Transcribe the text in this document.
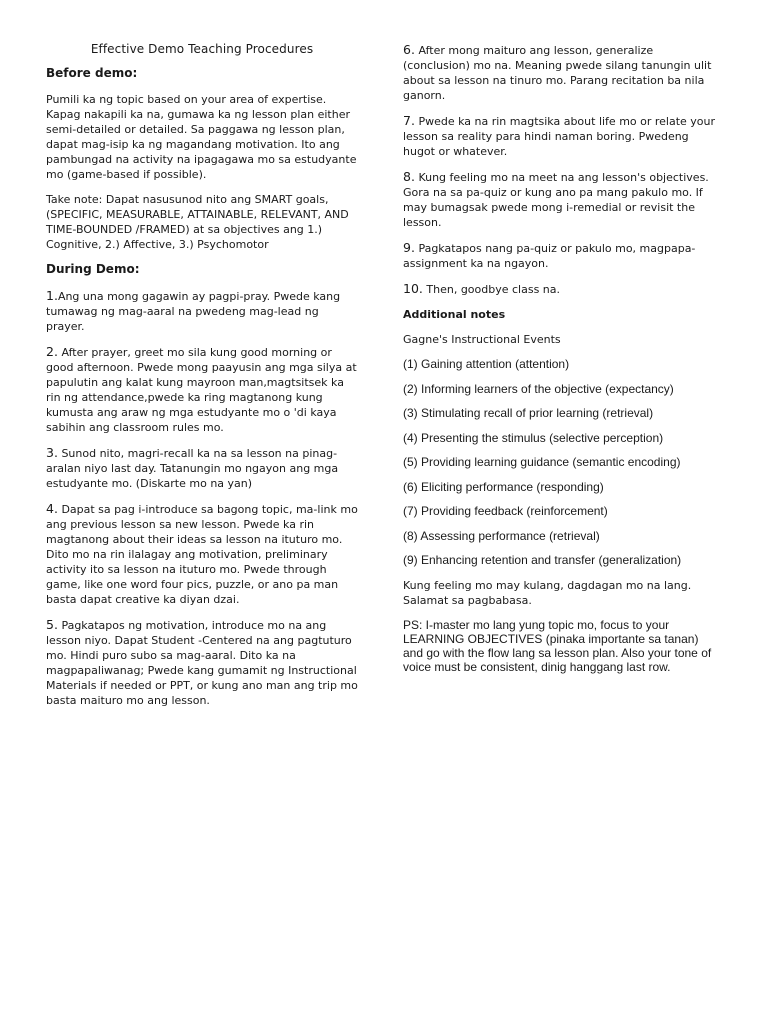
Effective Demo Teaching Procedures
Before demo:

Pumili ka ng topic based on your area of expertise. Kapag nakapili ka na, gumawa ka ng lesson plan either semi-detailed or detailed. Sa paggawa ng lesson plan, dapat mag-isip ka ng magandang motivation. Ito ang pambungad na activity na ipagagawa mo sa estudyante mo (game-based if possible).

Take note: Dapat nasusunod nito ang SMART goals, (SPECIFIC, MEASURABLE, ATTAINABLE, RELEVANT, AND TIME-BOUNDED /FRAMED) at sa objectives ang 1.) Cognitive, 2.) Affective, 3.) Psychomotor

During Demo:

1.Ang una mong gagawin ay pagpi-pray. Pwede kang tumawag ng mag-aaral na pwedeng mag-lead ng prayer.

2. After prayer, greet mo sila kung good morning or good afternoon. Pwede mong paayusin ang mga silya at papulutin ang kalat kung mayroon man,magtsitsek ka rin ng attendance,pwede ka ring magtanong kung kumusta ang araw ng mga estudyante mo o 'di kaya sabihin ang classroom rules mo.

3. Sunod nito, magri-recall ka na sa lesson na pinag-aralan niyo last day. Tatanungin mo ngayon ang mga estudyante mo. (Diskarte mo na yan)

4. Dapat sa pag i-introduce sa bagong topic, ma-link mo ang previous lesson sa new lesson. Pwede ka rin magtanong about their ideas sa lesson na ituturo mo. Dito mo na rin ilalagay ang motivation, preliminary activity ito sa lesson na ituturo mo. Pwede through game, like one word four pics, puzzle, or ano pa man basta dapat creative ka diyan dzai.

5. Pagkatapos ng motivation, introduce mo na ang lesson niyo. Dapat Student -Centered na ang pagtuturo mo. Hindi puro subo sa mag-aaral. Dito ka na magpapaliwanag; Pwede kang gumamit ng Instructional Materials if needed or PPT, or kung ano man ang trip mo basta maituro mo ang lesson.

6. After mong maituro ang lesson, generalize (conclusion) mo na. Meaning pwede silang tanungin ulit about sa lesson na tinuro mo. Parang recitation ba nila ganorn.

7. Pwede ka na rin magtsika about life mo or relate your lesson sa reality para hindi naman boring. Pwedeng hugot or whatever.

8. Kung feeling mo na meet na ang lesson's objectives. Gora na sa pa-quiz or kung ano pa mang pakulo mo. If may bumagsak pwede mong i-remedial or revisit the lesson.

9. Pagkatapos nang pa-quiz or pakulo mo, magpapa-assignment ka na ngayon.

10. Then, goodbye class na.

Additional notes

Gagne's Instructional Events

(1) Gaining attention (attention)

(2) Informing learners of the objective (expectancy)

(3) Stimulating recall of prior learning (retrieval)

(4) Presenting the stimulus (selective perception)

(5) Providing learning guidance (semantic encoding)

(6) Eliciting performance (responding)

(7) Providing feedback (reinforcement)

(8) Assessing performance (retrieval)

(9) Enhancing retention and transfer (generalization)

Kung feeling mo may kulang, dagdagan mo na lang. Salamat sa pagbabasa.

PS: I-master mo lang yung topic mo, focus to your LEARNING OBJECTIVES (pinaka importante sa tanan) and go with the flow lang sa lesson plan. Also your tone of voice must be consistent, dinig hanggang last row.
